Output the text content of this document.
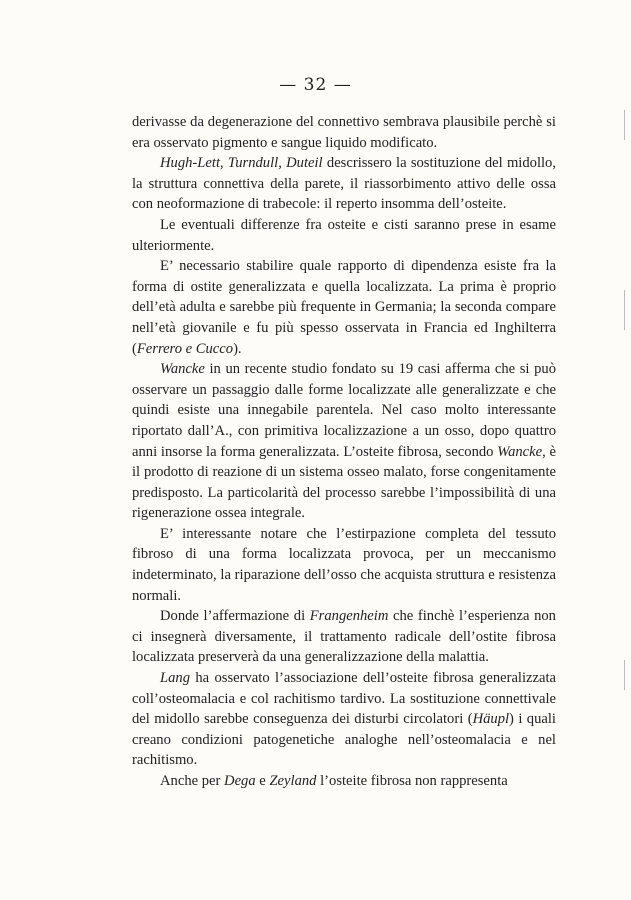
— 32 —

derivasse da degenerazione del connettivo sembrava plausibile perchè si era osservato pigmento e sangue liquido modificato.

Hugh-Lett, Turndull, Duteil descrissero la sostituzione del midollo, la struttura connettiva della parete, il riassorbimento attivo delle ossa con neoformazione di trabecole: il reperto insomma dell’osteite.

Le eventuali differenze fra osteite e cisti saranno prese in esame ulteriormente.

E’ necessario stabilire quale rapporto di dipendenza esiste fra la forma di ostite generalizzata e quella localizzata. La prima è proprio dell’età adulta e sarebbe più frequente in Germania; la seconda compare nell’età giovanile e fu più spesso osservata in Francia ed Inghilterra (Ferrero e Cucco).

Wancke in un recente studio fondato su 19 casi afferma che si può osservare un passaggio dalle forme localizzate alle generalizzate e che quindi esiste una innegabile parentela. Nel caso molto interessante riportato dall’A., con primitiva localizzazione a un osso, dopo quattro anni insorse la forma generalizzata. L’osteite fibrosa, secondo Wancke, è il prodotto di reazione di un sistema osseo malato, forse congenitamente predisposto. La particolarità del processo sarebbe l’impossibilità di una rigenerazione ossea integrale.

E’ interessante notare che l’estirpazione completa del tessuto fibroso di una forma localizzata provoca, per un meccanismo indeterminato, la riparazione dell’osso che acquista struttura e resistenza normali.

Donde l’affermazione di Frangenheim che finchè l’esperienza non ci insegnerà diversamente, il trattamento radicale dell’ostite fibrosa localizzata preserverà da una generalizzazione della malattia.

Lang ha osservato l’associazione dell’osteite fibrosa generalizzata coll’osteomalacia e col rachitismo tardivo. La sostituzione connettivale del midollo sarebbe conseguenza dei disturbi circolatori (Häupl) i quali creano condizioni patogenetiche analoghe nell’osteomalacia e nel rachitismo.

Anche per Dega e Zeyland l’osteite fibrosa non rappresenta
